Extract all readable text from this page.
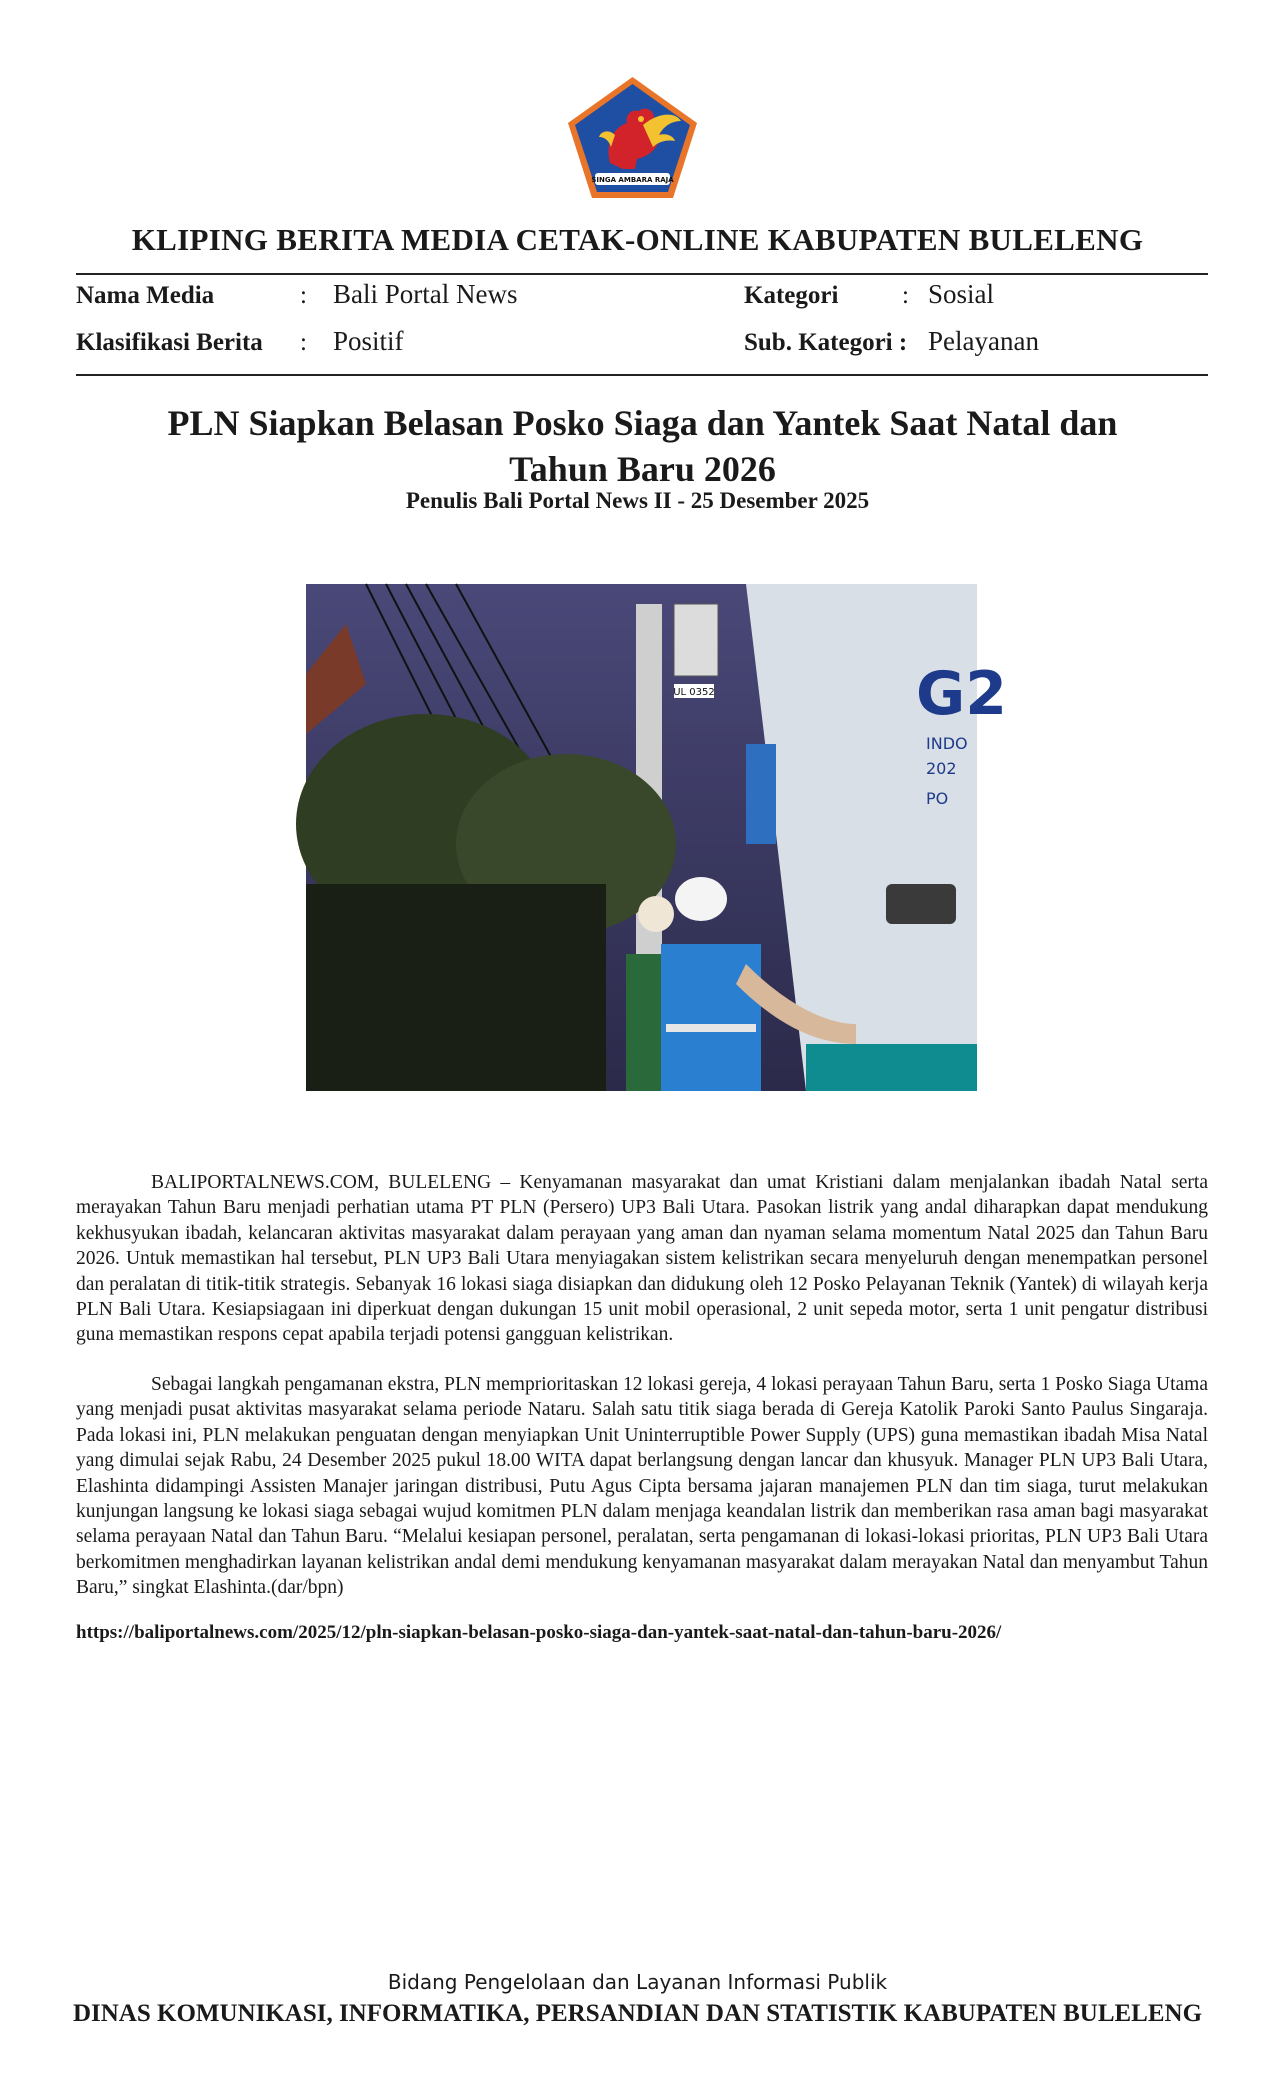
SINGA AMBARA RAJA
KLIPING BERITA MEDIA CETAK-ONLINE KABUPATEN BULELENG
Nama Media	: Bali Portal News
Klasifikasi Berita : Positif
Kategori	: Sosial
Sub. Kategori : Pelayanan
PLN Siapkan Belasan Posko Siaga dan Yantek Saat Natal dan
Tahun Baru 2026
Penulis Bali Portal News II - 25 Desember 2025
UL 0352	G2
INDO
202
PO

BALIPORTALNEWS.COM, BULELENG – Kenyamanan masyarakat dan umat Kristiani dalam menjalankan ibadah Natal serta merayakan Tahun Baru menjadi perhatian utama PT PLN (Persero) UP3 Bali Utara. Pasokan listrik yang andal diharapkan dapat mendukung kekhusyukan ibadah, kelancaran aktivitas masyarakat dalam perayaan yang aman dan nyaman selama momentum Natal 2025 dan Tahun Baru 2026. Untuk memastikan hal tersebut, PLN UP3 Bali Utara menyiagakan sistem kelistrikan secara menyeluruh dengan menempatkan personel dan peralatan di titik-titik strategis. Sebanyak 16 lokasi siaga disiapkan dan didukung oleh 12 Posko Pelayanan Teknik (Yantek) di wilayah kerja PLN Bali Utara. Kesiapsiagaan ini diperkuat dengan dukungan 15 unit mobil operasional, 2 unit sepeda motor, serta 1 unit pengatur distribusi guna memastikan respons cepat apabila terjadi potensi gangguan kelistrikan.

Sebagai langkah pengamanan ekstra, PLN memprioritaskan 12 lokasi gereja, 4 lokasi perayaan Tahun Baru, serta 1 Posko Siaga Utama yang menjadi pusat aktivitas masyarakat selama periode Nataru. Salah satu titik siaga berada di Gereja Katolik Paroki Santo Paulus Singaraja. Pada lokasi ini, PLN melakukan penguatan dengan menyiapkan Unit Uninterruptible Power Supply (UPS) guna memastikan ibadah Misa Natal yang dimulai sejak Rabu, 24 Desember 2025 pukul 18.00 WITA dapat berlangsung dengan lancar dan khusyuk. Manager PLN UP3 Bali Utara, Elashinta didampingi Assisten Manajer jaringan distribusi, Putu Agus Cipta bersama jajaran manajemen PLN dan tim siaga, turut melakukan kunjungan langsung ke lokasi siaga sebagai wujud komitmen PLN dalam menjaga keandalan listrik dan memberikan rasa aman bagi masyarakat selama perayaan Natal dan Tahun Baru. “Melalui kesiapan personel, peralatan, serta pengamanan di lokasi-lokasi prioritas, PLN UP3 Bali Utara berkomitmen menghadirkan layanan kelistrikan andal demi mendukung kenyamanan masyarakat dalam merayakan Natal dan menyambut Tahun Baru,” singkat Elashinta.(dar/bpn)

https://baliportalnews.com/2025/12/pln-siapkan-belasan-posko-siaga-dan-yantek-saat-natal-dan-tahun-baru-2026/
Bidang Pengelolaan dan Layanan Informasi Publik
DINAS KOMUNIKASI, INFORMATIKA, PERSANDIAN DAN STATISTIK KABUPATEN BULELENG
